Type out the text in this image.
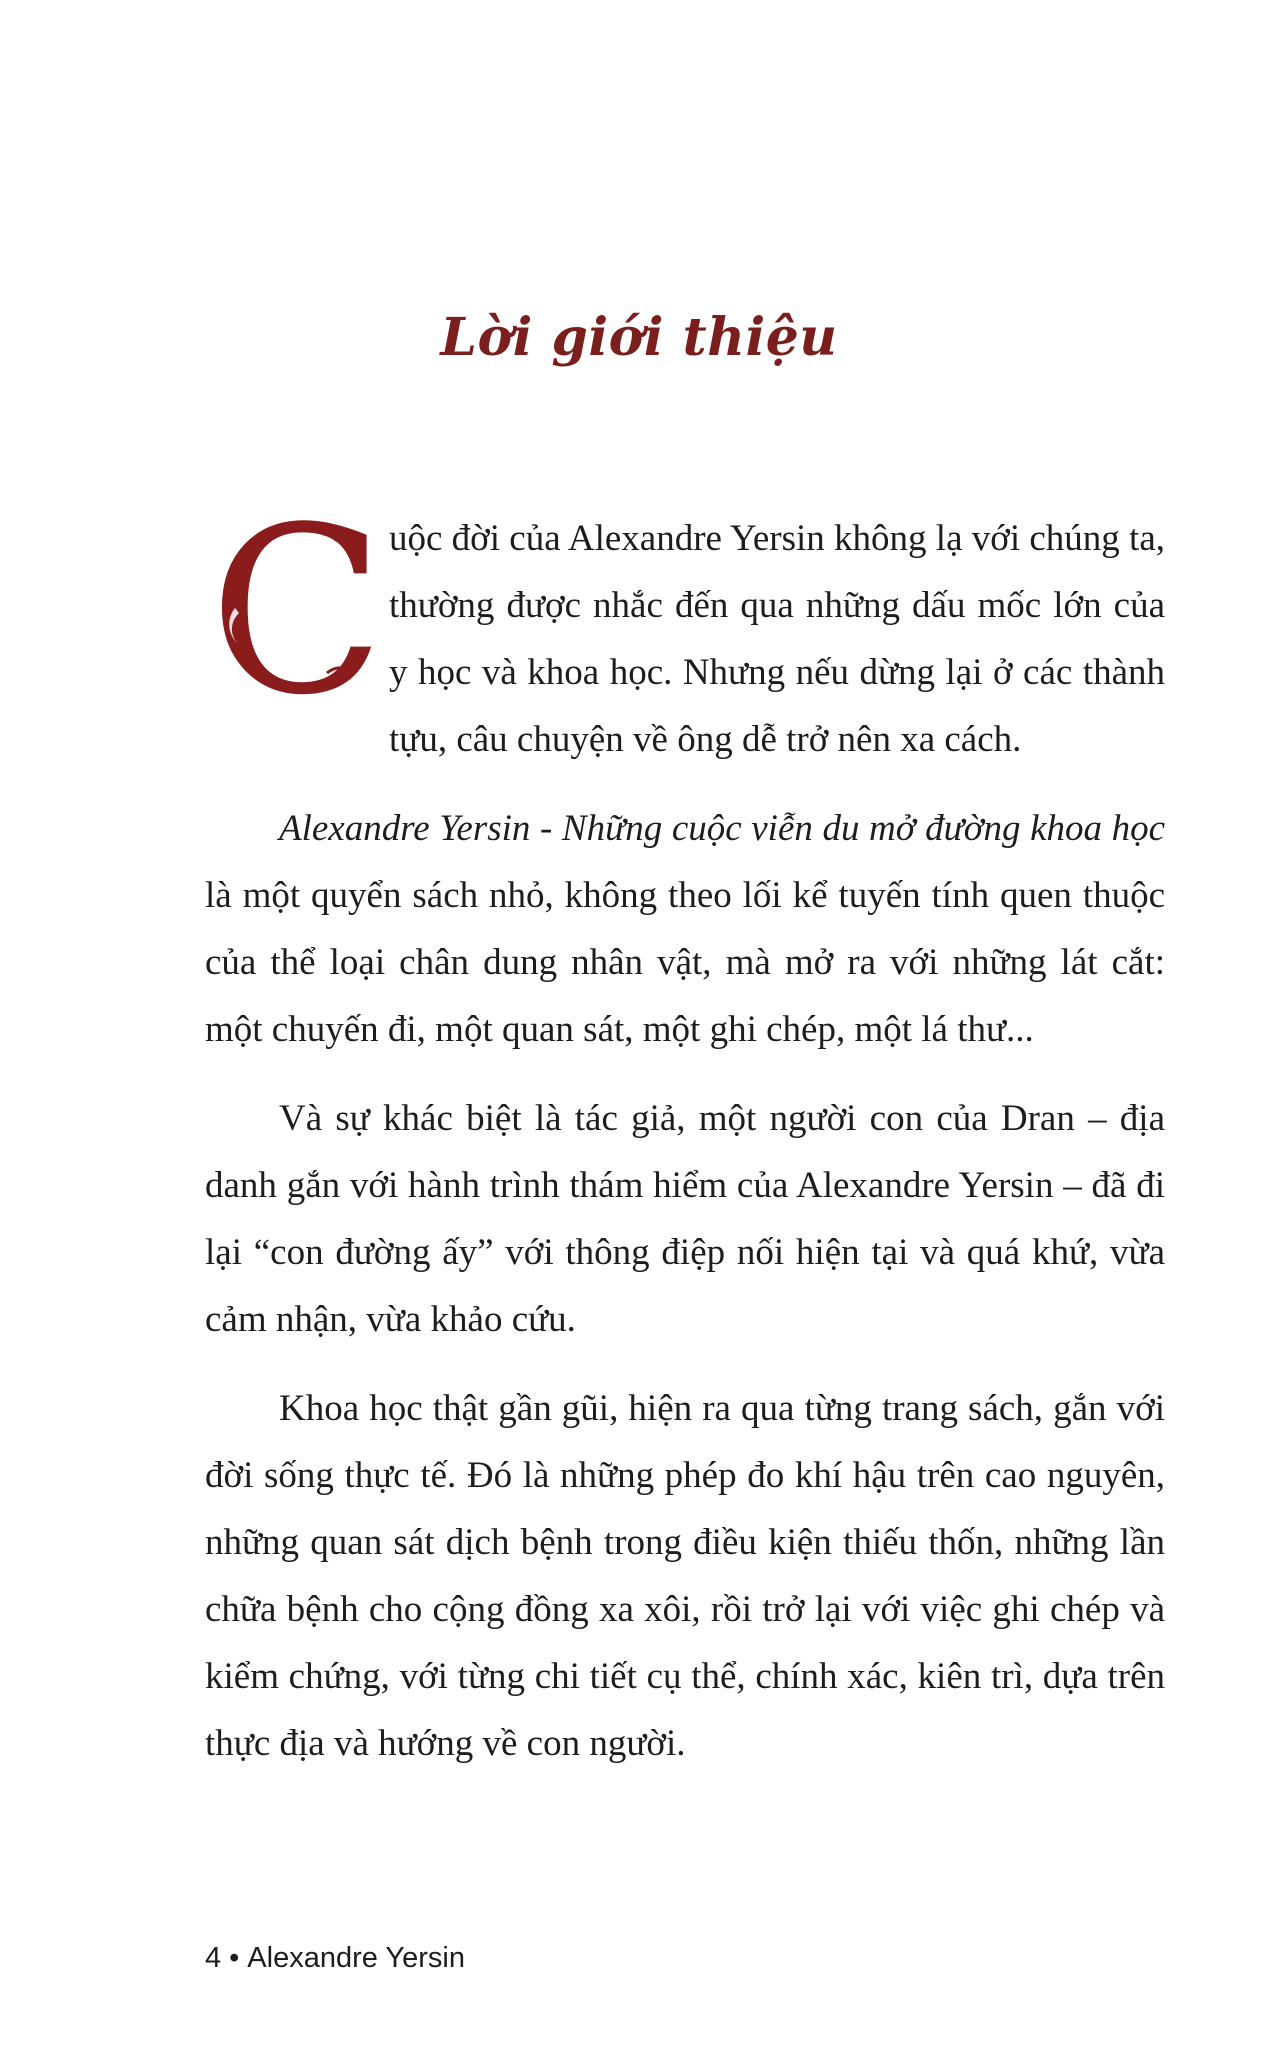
Lời giới thiệu

C uộc đời của Alexandre Yersin không lạ với chúng ta, thường được nhắc đến qua những dấu mốc lớn của y học và khoa học. Nhưng nếu dừng lại ở các thành tựu, câu chuyện về ông dễ trở nên xa cách.

Alexandre Yersin - Những cuộc viễn du mở đường khoa học là một quyển sách nhỏ, không theo lối kể tuyến tính quen thuộc của thể loại chân dung nhân vật, mà mở ra với những lát cắt: một chuyến đi, một quan sát, một ghi chép, một lá thư...

Và sự khác biệt là tác giả, một người con của Dran – địa danh gắn với hành trình thám hiểm của Alexandre Yersin – đã đi lại “con đường ấy” với thông điệp nối hiện tại và quá khứ, vừa cảm nhận, vừa khảo cứu.

Khoa học thật gần gũi, hiện ra qua từng trang sách, gắn với đời sống thực tế. Đó là những phép đo khí hậu trên cao nguyên, những quan sát dịch bệnh trong điều kiện thiếu thốn, những lần chữa bệnh cho cộng đồng xa xôi, rồi trở lại với việc ghi chép và kiểm chứng, với từng chi tiết cụ thể, chính xác, kiên trì, dựa trên thực địa và hướng về con người.

4 • Alexandre Yersin
